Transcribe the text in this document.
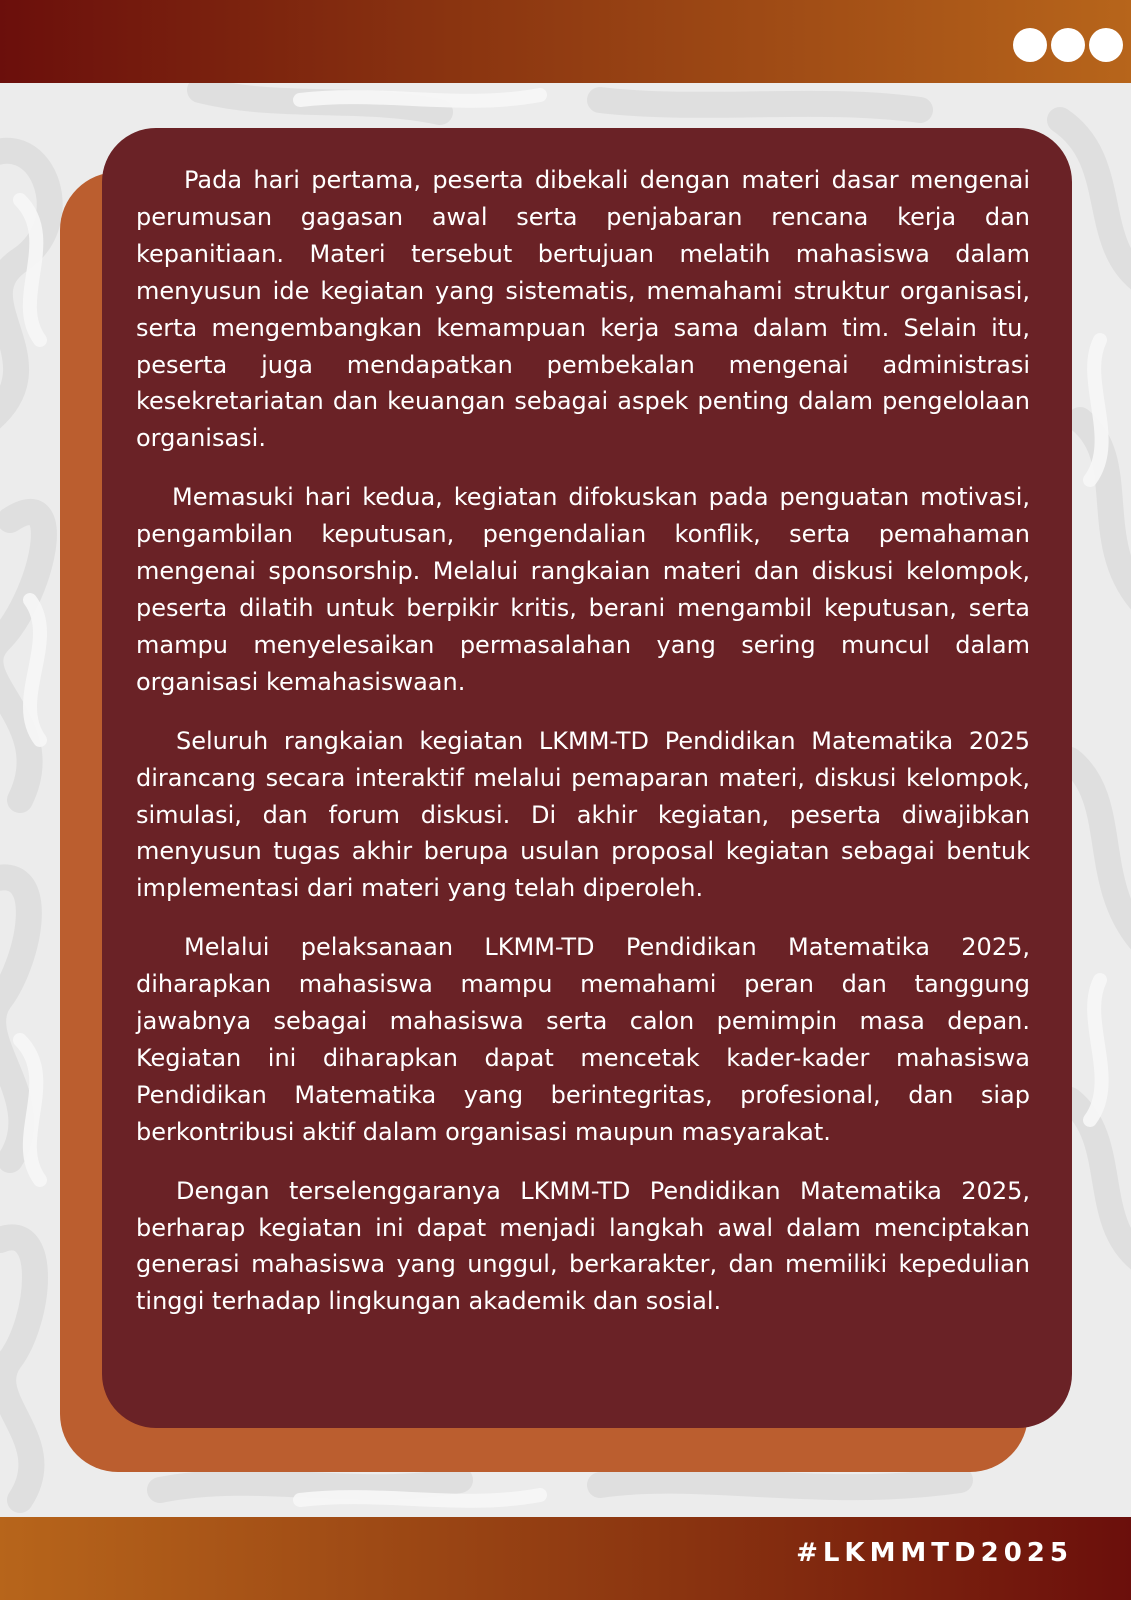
Pada hari pertama, peserta dibekali dengan materi dasar mengenai perumusan gagasan awal serta penjabaran rencana kerja dan kepanitiaan. Materi tersebut bertujuan melatih mahasiswa dalam menyusun ide kegiatan yang sistematis, memahami struktur organisasi, serta mengembangkan kemampuan kerja sama dalam tim. Selain itu, peserta juga mendapatkan pembekalan mengenai administrasi kesekretariatan dan keuangan sebagai aspek penting dalam pengelolaan organisasi.

Memasuki hari kedua, kegiatan difokuskan pada penguatan motivasi, pengambilan keputusan, pengendalian konflik, serta pemahaman mengenai sponsorship. Melalui rangkaian materi dan diskusi kelompok, peserta dilatih untuk berpikir kritis, berani mengambil keputusan, serta mampu menyelesaikan permasalahan yang sering muncul dalam organisasi kemahasiswaan.

Seluruh rangkaian kegiatan LKMM-TD Pendidikan Matematika 2025 dirancang secara interaktif melalui pemaparan materi, diskusi kelompok, simulasi, dan forum diskusi. Di akhir kegiatan, peserta diwajibkan menyusun tugas akhir berupa usulan proposal kegiatan sebagai bentuk implementasi dari materi yang telah diperoleh.

Melalui pelaksanaan LKMM-TD Pendidikan Matematika 2025, diharapkan mahasiswa mampu memahami peran dan tanggung jawabnya sebagai mahasiswa serta calon pemimpin masa depan. Kegiatan ini diharapkan dapat mencetak kader-kader mahasiswa Pendidikan Matematika yang berintegritas, profesional, dan siap berkontribusi aktif dalam organisasi maupun masyarakat.

Dengan terselenggaranya LKMM-TD Pendidikan Matematika 2025, berharap kegiatan ini dapat menjadi langkah awal dalam menciptakan generasi mahasiswa yang unggul, berkarakter, dan memiliki kepedulian tinggi terhadap lingkungan akademik dan sosial.

#LKMMTD2025
